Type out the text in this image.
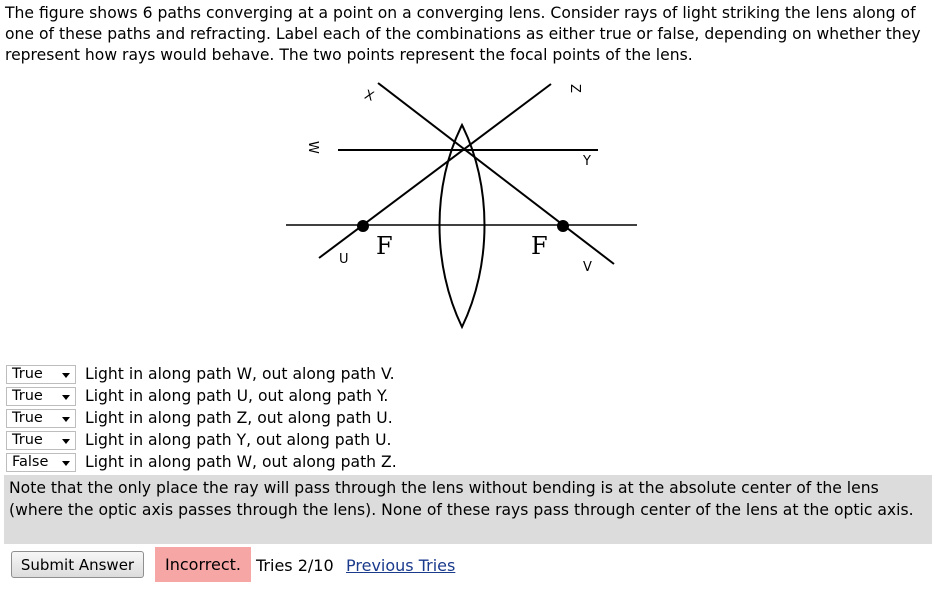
The figure shows 6 paths converging at a point on a converging lens. Consider rays of light striking the lens along of one of these paths and refracting. Label each of the combinations as either true or false, depending on whether they represent how rays would behave. The two points represent the focal points of the lens.
X	Z
W
Y
U
V
F	F
True	Light in along path W, out along path V.
True	Light in along path U, out along path Y.
True	Light in along path Z, out along path U.
True	Light in along path Y, out along path U.
False Light in along path W, out along path Z.
Note that the only place the ray will pass through the lens without bending is at the absolute center of the lens (where the optic axis passes through the lens). None of these rays pass through center of the lens at the optic axis.
Submit Answer	Incorrect. Tries 2/10 Previous Tries
